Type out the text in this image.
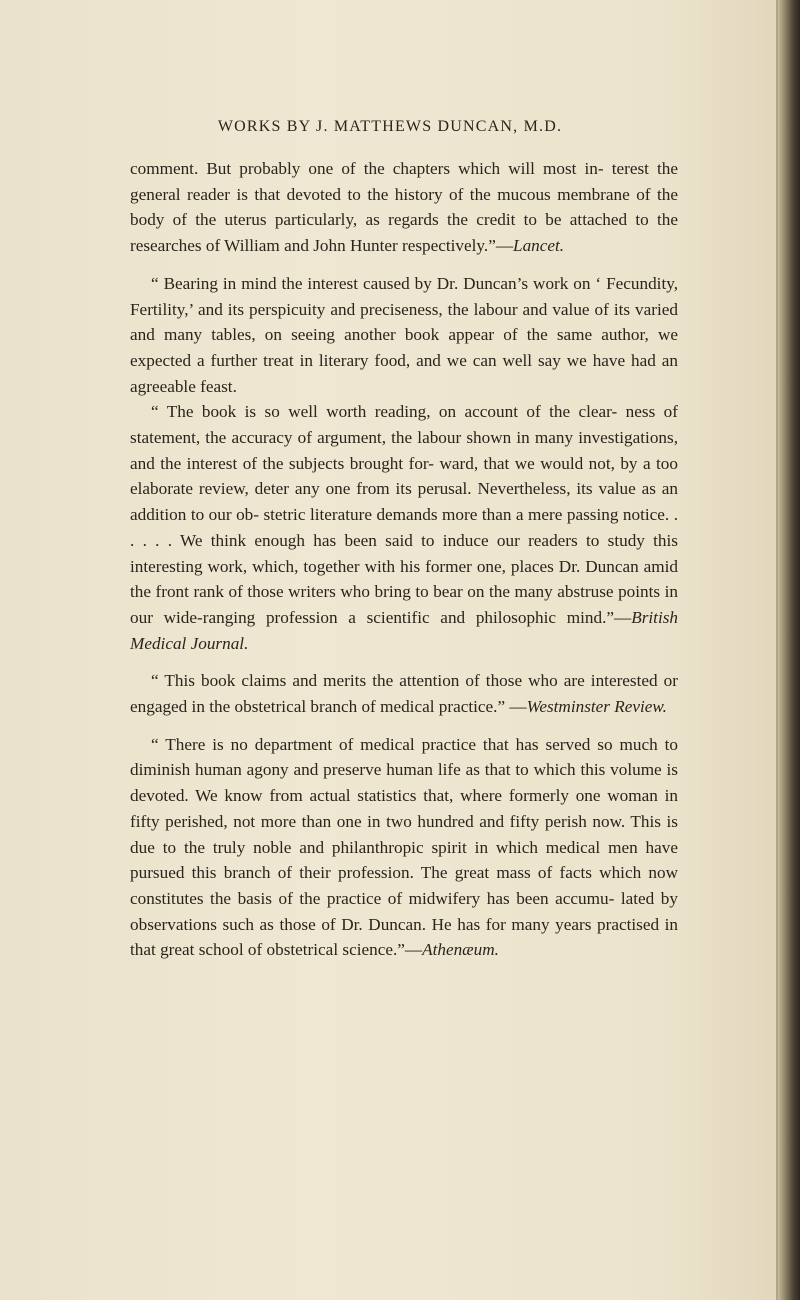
WORKS BY J. MATTHEWS DUNCAN, M.D.

comment. But probably one of the chapters which will most in- terest the general reader is that devoted to the history of the mucous membrane of the body of the uterus particularly, as regards the credit to be attached to the researches of William and John Hunter respectively.”—Lancet.

“ Bearing in mind the interest caused by Dr. Duncan’s work on ‘ Fecundity, Fertility,’ and its perspicuity and preciseness, the labour and value of its varied and many tables, on seeing another book appear of the same author, we expected a further treat in literary food, and we can well say we have had an agreeable feast.

“ The book is so well worth reading, on account of the clear- ness of statement, the accuracy of argument, the labour shown in many investigations, and the interest of the subjects brought for- ward, that we would not, by a too elaborate review, deter any one from its perusal. Nevertheless, its value as an addition to our ob- stetric literature demands more than a mere passing notice. . . . . . We think enough has been said to induce our readers to study this interesting work, which, together with his former one, places Dr. Duncan amid the front rank of those writers who bring to bear on the many abstruse points in our wide-ranging profession a scientific and philosophic mind.”—British Medical Journal.

“ This book claims and merits the attention of those who are interested or engaged in the obstetrical branch of medical practice.” —Westminster Review.

“ There is no department of medical practice that has served so much to diminish human agony and preserve human life as that to which this volume is devoted. We know from actual statistics that, where formerly one woman in fifty perished, not more than one in two hundred and fifty perish now. This is due to the truly noble and philanthropic spirit in which medical men have pursued this branch of their profession. The great mass of facts which now constitutes the basis of the practice of midwifery has been accumu- lated by observations such as those of Dr. Duncan. He has for many years practised in that great school of obstetrical science.”—Athenæum.
